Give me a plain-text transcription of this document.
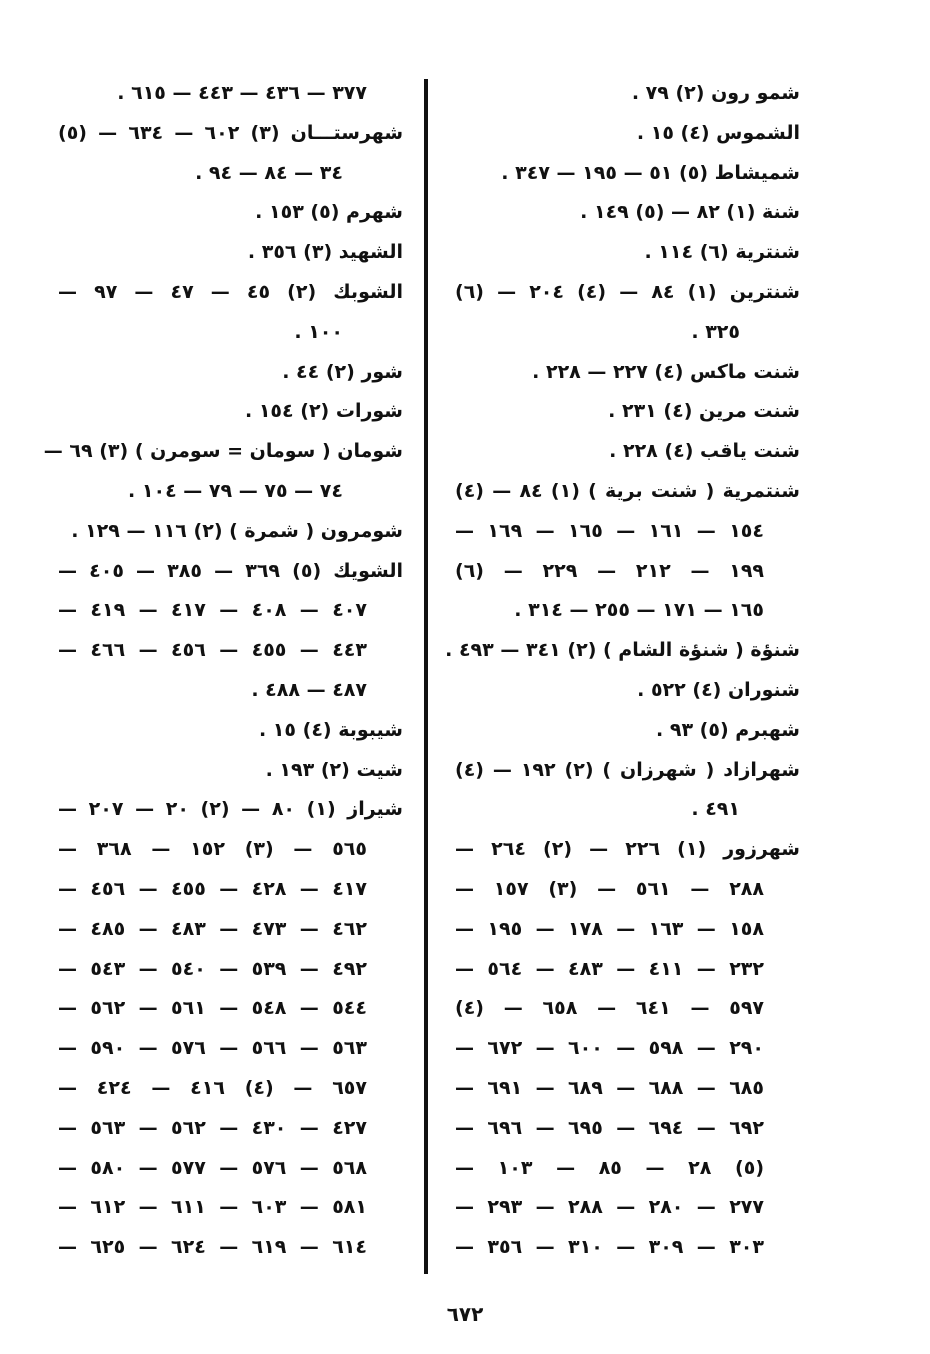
شمو رون (٢) ٧٩ .
الشموس (٤) ١٥ .
شميشاط (٥) ٥١ — ١٩٥ — ٣٤٧ .
شنة (١) ٨٢ — (٥) ١٤٩ .
شنترية (٦) ١١٤ .
شنترين (١) ٨٤ — (٤) ٢٠٤ — (٦)
٣٢٥ .
شنت ماكس (٤) ٢٢٧ — ٢٢٨ .
شنت مرين (٤) ٢٣١ .
شنت ياقب (٤) ٢٢٨ .
شنتمرية ( شنت برية ) (١) ٨٤ — (٤)
١٥٤ — ١٦١ — ١٦٥ — ١٦٩ —
١٩٩ — ٢١٢ — ٢٢٩ — (٦)
١٦٥ — ١٧١ — ٢٥٥ — ٣١٤ .
شنؤة ( شنؤة الشام ) (٢) ٣٤١ — ٤٩٣ .
شنوران (٤) ٥٢٢ .
شهبرم (٥) ٩٣ .
شهرازاد ( شهرزان ) (٢) ١٩٢ — (٤)
٤٩١ .
شهرزور (١) ٢٢٦ — (٢) ٢٦٤ —
٢٨٨ — ٥٦١ — (٣) ١٥٧ —
١٥٨ — ١٦٣ — ١٧٨ — ١٩٥ —
٢٣٢ — ٤١١ — ٤٨٣ — ٥٦٤ —
٥٩٧ — ٦٤١ — ٦٥٨ — (٤)
٢٩٠ — ٥٩٨ — ٦٠٠ — ٦٧٢ —
٦٨٥ — ٦٨٨ — ٦٨٩ — ٦٩١ —
٦٩٢ — ٦٩٤ — ٦٩٥ — ٦٩٦ —
(٥) ٢٨ — ٨٥ — ١٠٣ —
٢٧٧ — ٢٨٠ — ٢٨٨ — ٢٩٣ —
٣٠٣ — ٣٠٩ — ٣١٠ — ٣٥٦ —
٣٧٧ — ٤٣٦ — ٤٤٣ — ٦١٥ .
شهرستـــان (٣) ٦٠٢ — ٦٣٤ — (٥)
٣٤ — ٨٤ — ٩٤ .
شهرم (٥) ١٥٣ .
الشهيد (٣) ٣٥٦ .
الشوبك (٢) ٤٥ — ٤٧ — ٩٧ —
١٠٠ .
شور (٢) ٤٤ .
شورات (٢) ١٥٤ .
شومان ( سومان = سومرن ) (٣) ٦٩ —
٧٤ — ٧٥ — ٧٩ — ١٠٤ .
شومرون ( شمرة ) (٢) ١١٦ — ١٢٩ .
الشويك (٥) ٣٦٩ — ٣٨٥ — ٤٠٥ —
٤٠٧ — ٤٠٨ — ٤١٧ — ٤١٩ —
٤٤٣ — ٤٥٥ — ٤٥٦ — ٤٦٦ —
٤٨٧ — ٤٨٨ .
شيبوبة (٤) ١٥ .
شيت (٢) ١٩٣ .
شيراز (١) ٨٠ — (٢) ٢٠ — ٢٠٧ —
٥٦٥ — (٣) ١٥٢ — ٣٦٨ —
٤١٧ — ٤٢٨ — ٤٥٥ — ٤٥٦ —
٤٦٢ — ٤٧٣ — ٤٨٣ — ٤٨٥ —
٤٩٢ — ٥٣٩ — ٥٤٠ — ٥٤٣ —
٥٤٤ — ٥٤٨ — ٥٦١ — ٥٦٢ —
٥٦٣ — ٥٦٦ — ٥٧٦ — ٥٩٠ —
٦٥٧ — (٤) ٤١٦ — ٤٢٤ —
٤٢٧ — ٤٣٠ — ٥٦٢ — ٥٦٣ —
٥٦٨ — ٥٧٦ — ٥٧٧ — ٥٨٠ —
٥٨١ — ٦٠٣ — ٦١١ — ٦١٢ —
٦١٤ — ٦١٩ — ٦٢٤ — ٦٢٥ —
٦٧٢
